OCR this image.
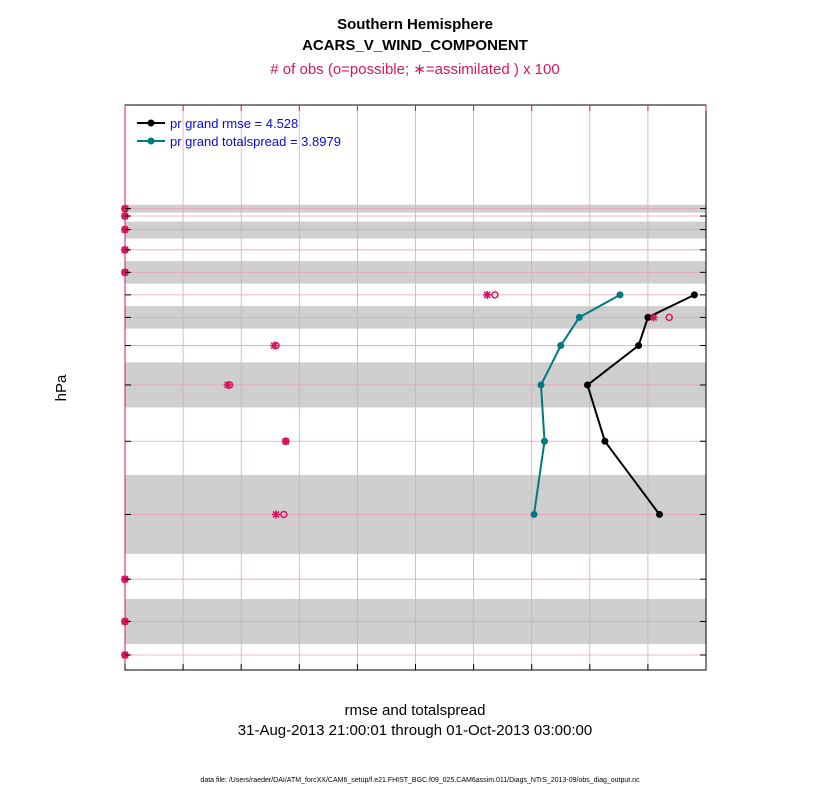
Southern Hemisphere
ACARS_V_WIND_COMPONENT
# of obs (o=possible; ∗=assimilated ) x 100
rmse and totalspread
hPa
31-Aug-2013 21:00:01 through 01-Oct-2013 03:00:00
pr grand rmse = 4.528
pr grand totalspread = 3.8979
data file: /Users/raeder/DAI/ATM_forcXX/CAM6_setup/f.e21.FHIST_BGC.f09_025.CAM6assim.011/Diags_NTrS_2013-09/obs_diag_output.nc
